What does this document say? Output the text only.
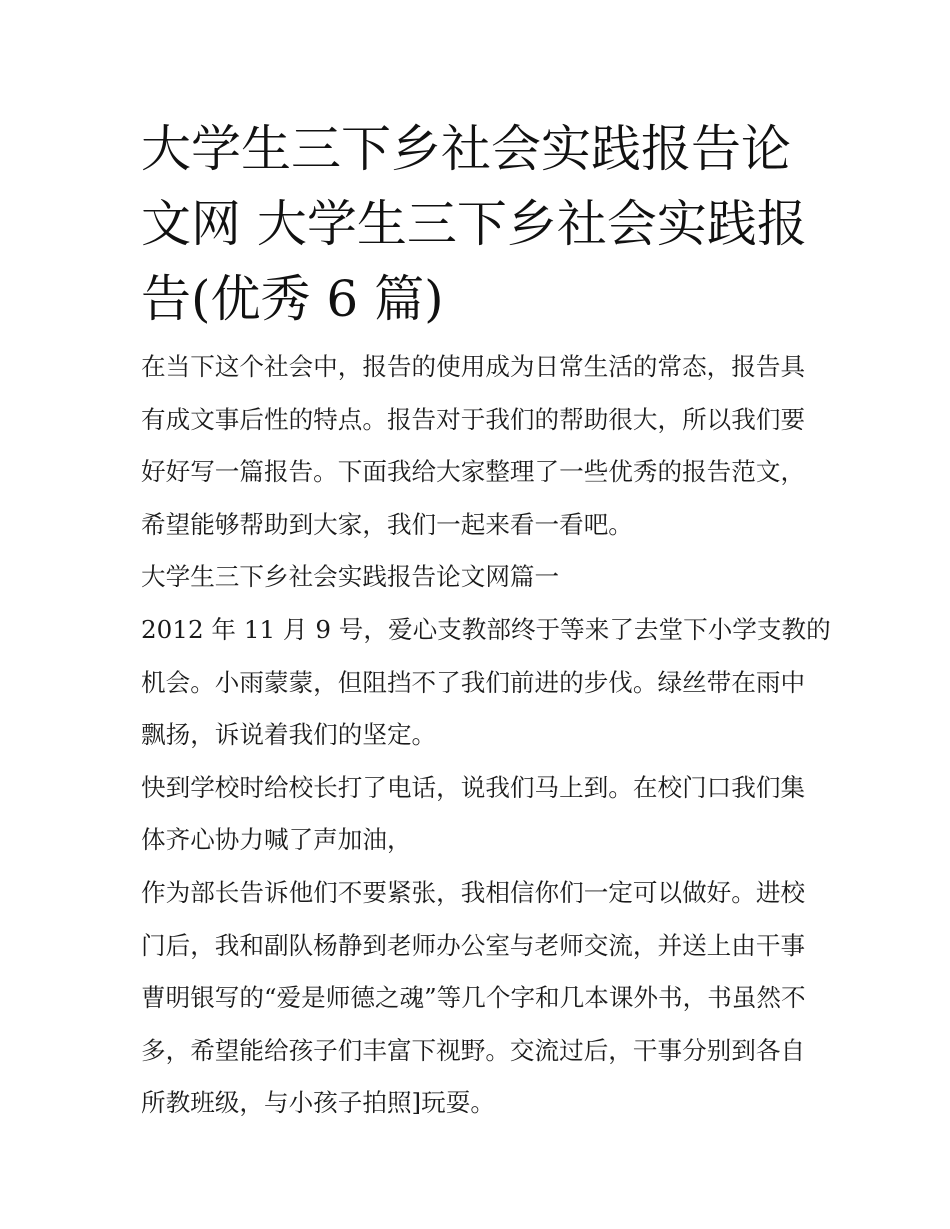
大学生三下乡社会实践报告论
文网 大学生三下乡社会实践报
告(优秀 6 篇)

在当下这个社会中，报告的使用成为日常生活的常态，报告具
有成文事后性的特点。报告对于我们的帮助很大，所以我们要
好好写一篇报告。下面我给大家整理了一些优秀的报告范文，
希望能够帮助到大家，我们一起来看一看吧。

大学生三下乡社会实践报告论文网篇一

2012 年 11 月 9 号，爱心支教部终于等来了去堂下小学支教的
机会。小雨蒙蒙，但阻挡不了我们前进的步伐。绿丝带在雨中
飘扬，诉说着我们的坚定。

快到学校时给校长打了电话，说我们马上到。在校门口我们集
体齐心协力喊了声加油，

作为部长告诉他们不要紧张，我相信你们一定可以做好。进校
门后，我和副队杨静到老师办公室与老师交流，并送上由干事
曹明银写的“爱是师德之魂”等几个字和几本课外书，书虽然不
多，希望能给孩子们丰富下视野。交流过后，干事分别到各自
所教班级，与小孩子拍照]玩耍。
